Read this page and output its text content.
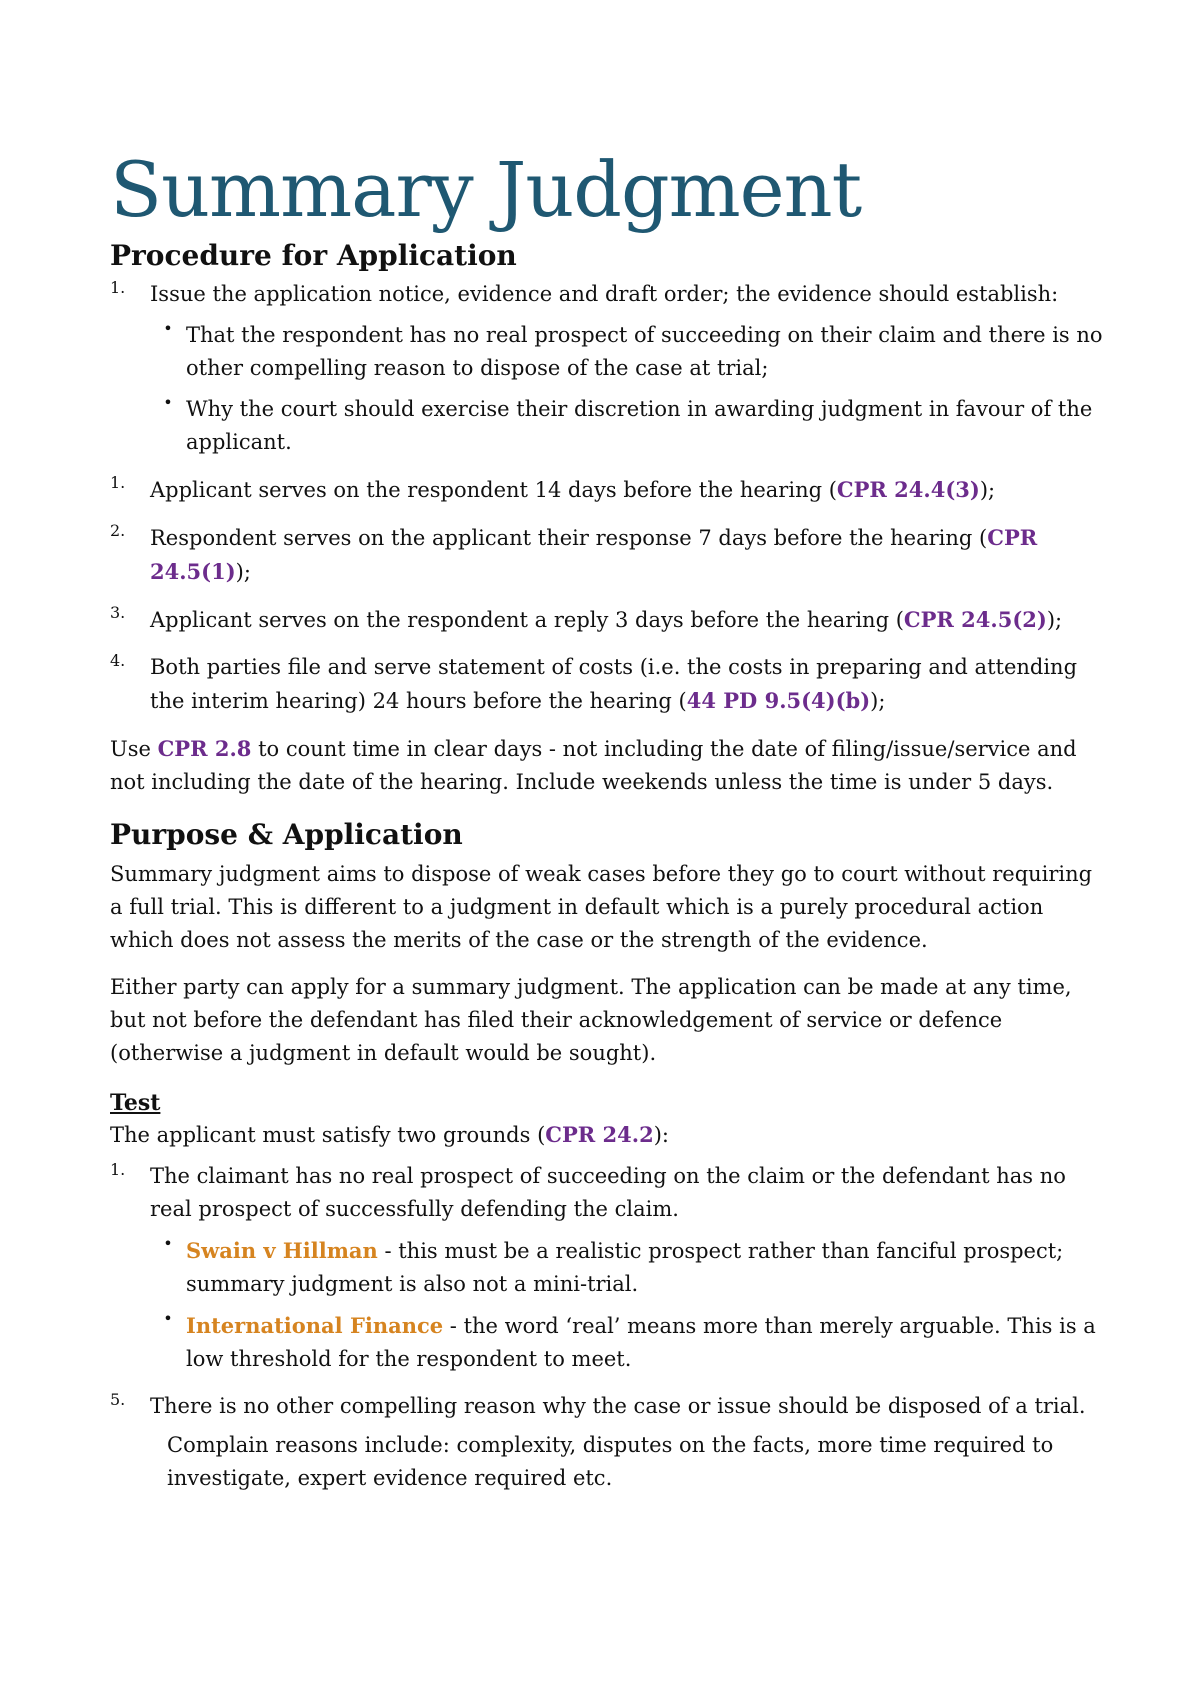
Summary Judgment
Procedure for Application
1.	Issue the application notice, evidence and draft order; the evidence should establish:

• That the respondent has no real prospect of succeeding on their claim and there is no other compelling reason to dispose of the case at trial;

• Why the court should exercise their discretion in awarding judgment in favour of the applicant.

1.	Applicant serves on the respondent 14 days before the hearing (CPR 24.4(3));

2.	Respondent serves on the applicant their response 7 days before the hearing (CPR 24.5(1));

3.	Applicant serves on the respondent a reply 3 days before the hearing (CPR 24.5(2));

4.	Both parties file and serve statement of costs (i.e. the costs in preparing and attending the interim hearing) 24 hours before the hearing (44 PD 9.5(4)(b));

Use CPR 2.8 to count time in clear days - not including the date of filing/issue/service and not including the date of the hearing. Include weekends unless the time is under 5 days.

Purpose & Application

Summary judgment aims to dispose of weak cases before they go to court without requiring a full trial. This is different to a judgment in default which is a purely procedural action which does not assess the merits of the case or the strength of the evidence.

Either party can apply for a summary judgment. The application can be made at any time, but not before the defendant has filed their acknowledgement of service or defence (otherwise a judgment in default would be sought).

Test

The applicant must satisfy two grounds (CPR 24.2):

1.	The claimant has no real prospect of succeeding on the claim or the defendant has no real prospect of successfully defending the claim.

• Swain v Hillman - this must be a realistic prospect rather than fanciful prospect; summary judgment is also not a mini-trial.

• International Finance - the word ‘real’ means more than merely arguable. This is a low threshold for the respondent to meet.

5.	There is no other compelling reason why the case or issue should be disposed of a trial.

Complain reasons include: complexity, disputes on the facts, more time required to investigate, expert evidence required etc.
